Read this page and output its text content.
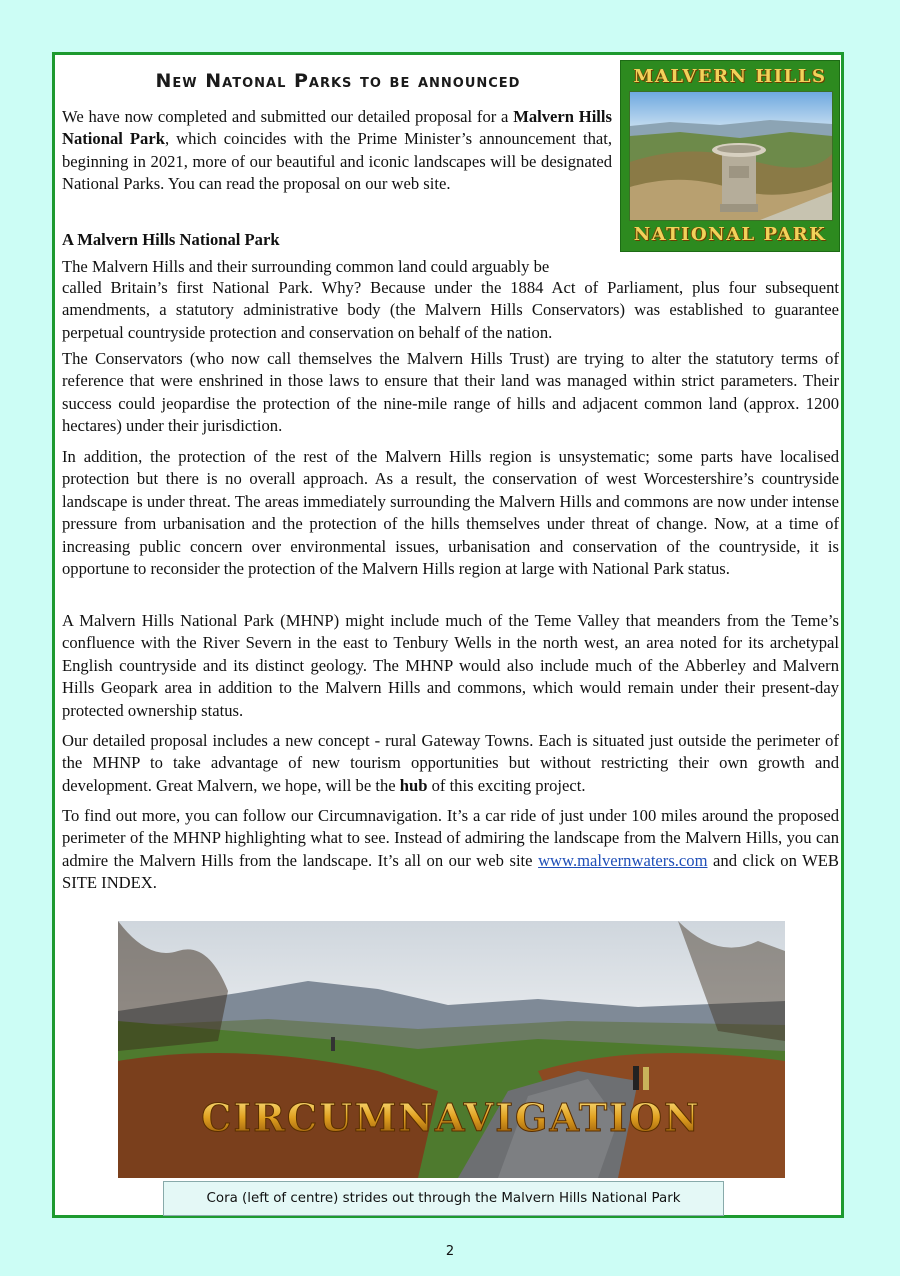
New Natonal Parks to be announced	MALVERN HILLS
NATIONAL PARK

We have now completed and submitted our detailed proposal for a Malvern Hills National Park, which coincides with the Prime Minister’s announcement that, beginning in 2021, more of our beautiful and iconic landscapes will be designated National Parks. You can read the proposal on our web site.

A Malvern Hills National Park

The Malvern Hills and their surrounding common land could arguably be

called Britain’s first National Park. Why? Because under the 1884 Act of Parliament, plus four subsequent amendments, a statutory administrative body (the Malvern Hills Conservators) was established to guarantee perpetual countryside protection and conservation on behalf of the nation.

The Conservators (who now call themselves the Malvern Hills Trust) are trying to alter the statutory terms of reference that were enshrined in those laws to ensure that their land was managed within strict parameters. Their success could jeopardise the protection of the nine-mile range of hills and adjacent common land (approx. 1200 hectares) under their jurisdiction.

In addition, the protection of the rest of the Malvern Hills region is unsystematic; some parts have localised protection but there is no overall approach. As a result, the conservation of west Worcestershire’s countryside landscape is under threat. The areas immediately surrounding the Malvern Hills and commons are now under intense pressure from urbanisation and the protection of the hills themselves under threat of change. Now, at a time of increasing public concern over environmental issues, urbanisation and conservation of the countryside, it is opportune to reconsider the protection of the Malvern Hills region at large with National Park status.

A Malvern Hills National Park (MHNP) might include much of the Teme Valley that meanders from the Teme’s confluence with the River Severn in the east to Tenbury Wells in the north west, an area noted for its archetypal English countryside and its distinct geology. The MHNP would also include much of the Abberley and Malvern Hills Geopark area in addition to the Malvern Hills and commons, which would remain under their present-day protected ownership status.

Our detailed proposal includes a new concept - rural Gateway Towns. Each is situated just outside the perimeter of the MHNP to take advantage of new tourism opportunities but without restricting their own growth and development. Great Malvern, we hope, will be the hub of this exciting project.

To find out more, you can follow our Circumnavigation. It’s a car ride of just under 100 miles around the proposed perimeter of the MHNP highlighting what to see. Instead of admiring the landscape from the Malvern Hills, you can admire the Malvern Hills from the landscape. It’s all on our web site www.malvernwaters.com and click on WEB SITE INDEX.

CIRCUMNAVIGATION
Cora (left of centre) strides out through the Malvern Hills National Park
2
